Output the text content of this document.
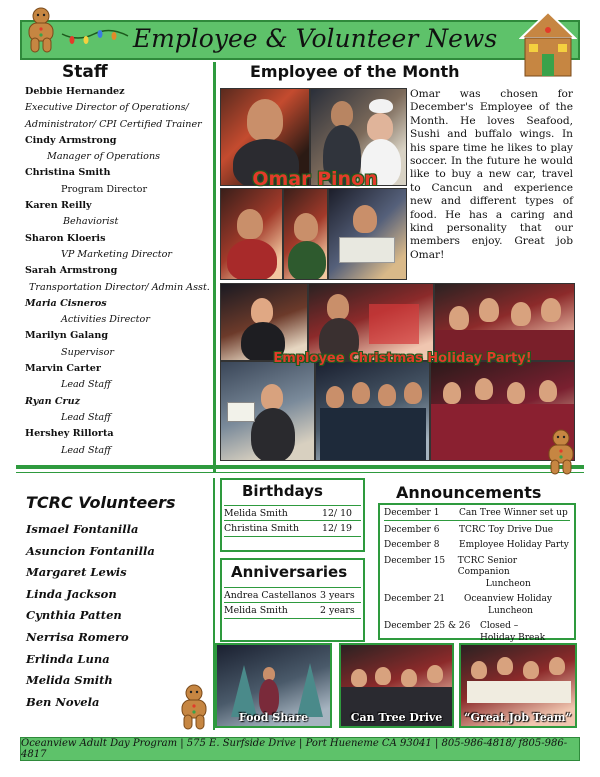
Employee & Volunteer News
Staff
Debbie Hernandez
Executive Director of Operations/
Administrator/ CPI Certified Trainer
Cindy Armstrong
Manager of Operations
Christina Smith
Program Director
Karen Reilly
Behaviorist
Sharon Kloeris
VP Marketing Director
Sarah Armstrong
Transportation Director/ Admin Asst.
Maria Cisneros
Activities Director
Marilyn Galang
Supervisor
Marvin Carter
Lead Staff
Ryan Cruz
Lead Staff
Hershey Rillorta
Lead Staff
Employee of the Month
Omar Pinon
Omar was chosen for December's Employee of the Month. He loves Seafood, Sushi and buffalo wings. In his spare time he likes to play soccer. In the future he would like to buy a new car, travel to Cancun and experience new and different types of food. He has a caring and kind personality that our members enjoy. Great job Omar!
Employee Christmas Holiday Party!
TCRC Volunteers
Ismael Fontanilla
Asuncion Fontanilla
Margaret Lewis
Linda Jackson
Cynthia Patten
Nerrisa Romero
Erlinda Luna
Melida Smith
Ben Novela
Birthdays
Melida Smith	12/ 10
Christina Smith	12/ 19
Anniversaries
Andrea Castellanos 3 years
Melida Smith	2 years
Announcements
December 1	Can Tree Winner set up
December 6	TCRC Toy Drive Due
December 8	Employee Holiday Party
December 15	TCRC Senior Companion
Luncheon
December 21	Oceanview Holiday
Luncheon
December 25 & 26	Closed –
Holiday Break
Food Share	Can Tree Drive	“Great Job Team”
Oceanview Adult Day Program | 575 E. Surfside Drive | Port Hueneme CA 93041 | 805-986-4818/ f805-986-4817
